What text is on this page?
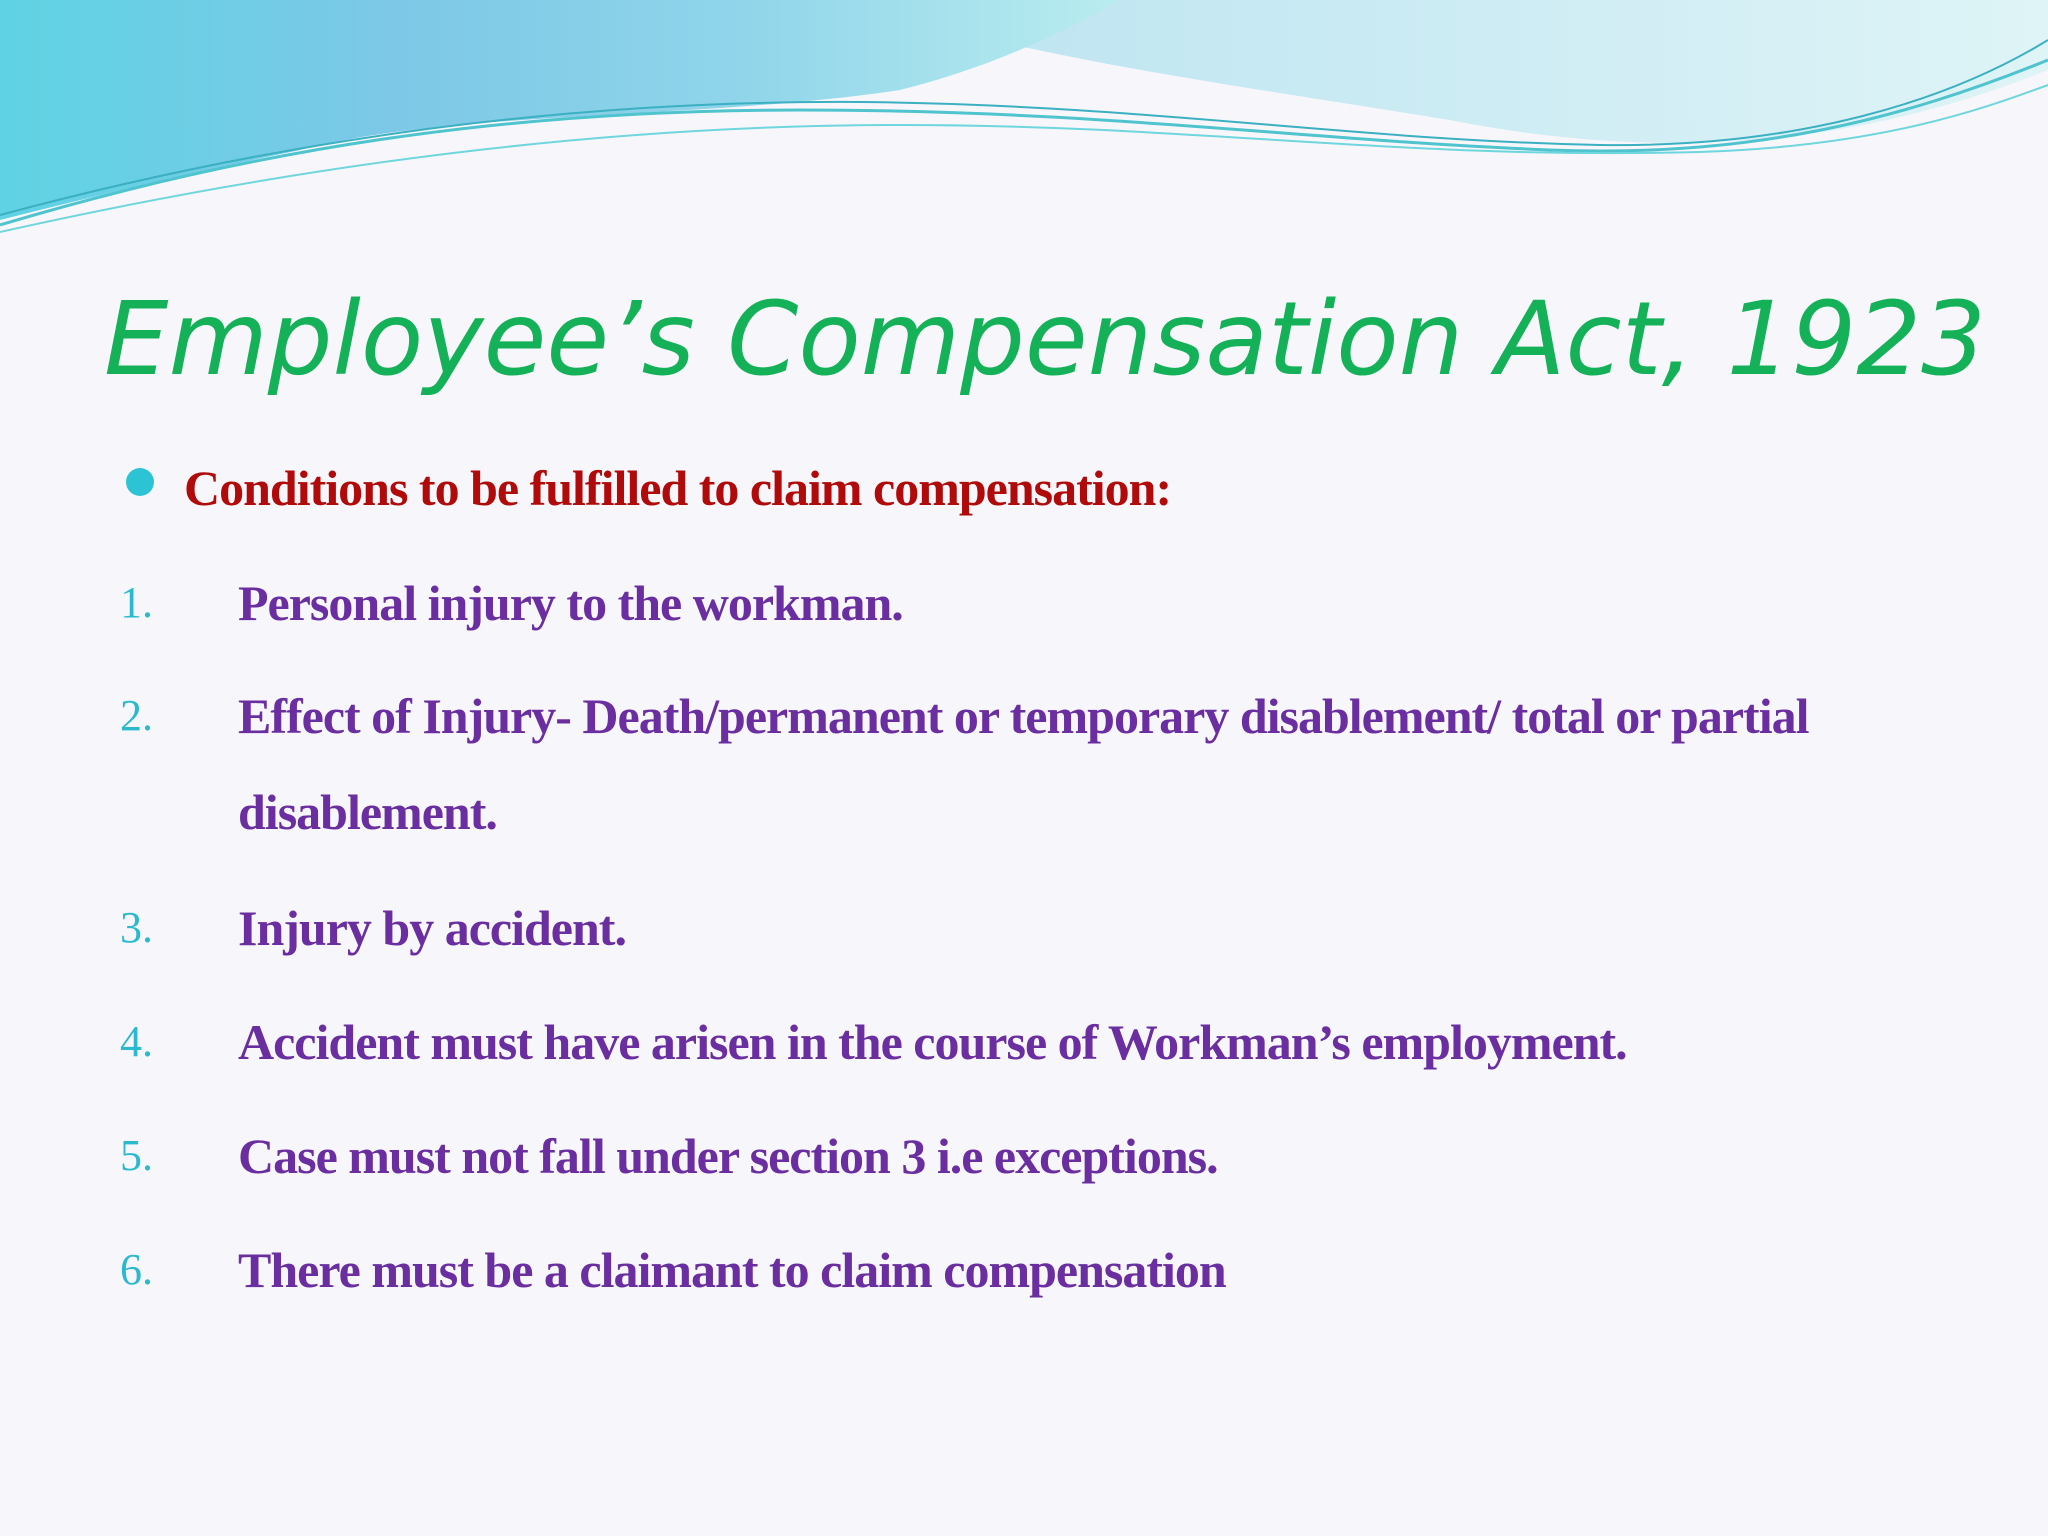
Employee’s Compensation Act, 1923
Conditions to be fulfilled to claim compensation:
1. Personal injury to the workman.
2. Effect of Injury- Death/permanent or temporary disablement/ total or partial disablement.
3. Injury by accident.
4. Accident must have arisen in the course of Workman’s employment.
5. Case must not fall under section 3 i.e exceptions.
6. There must be a claimant to claim compensation
